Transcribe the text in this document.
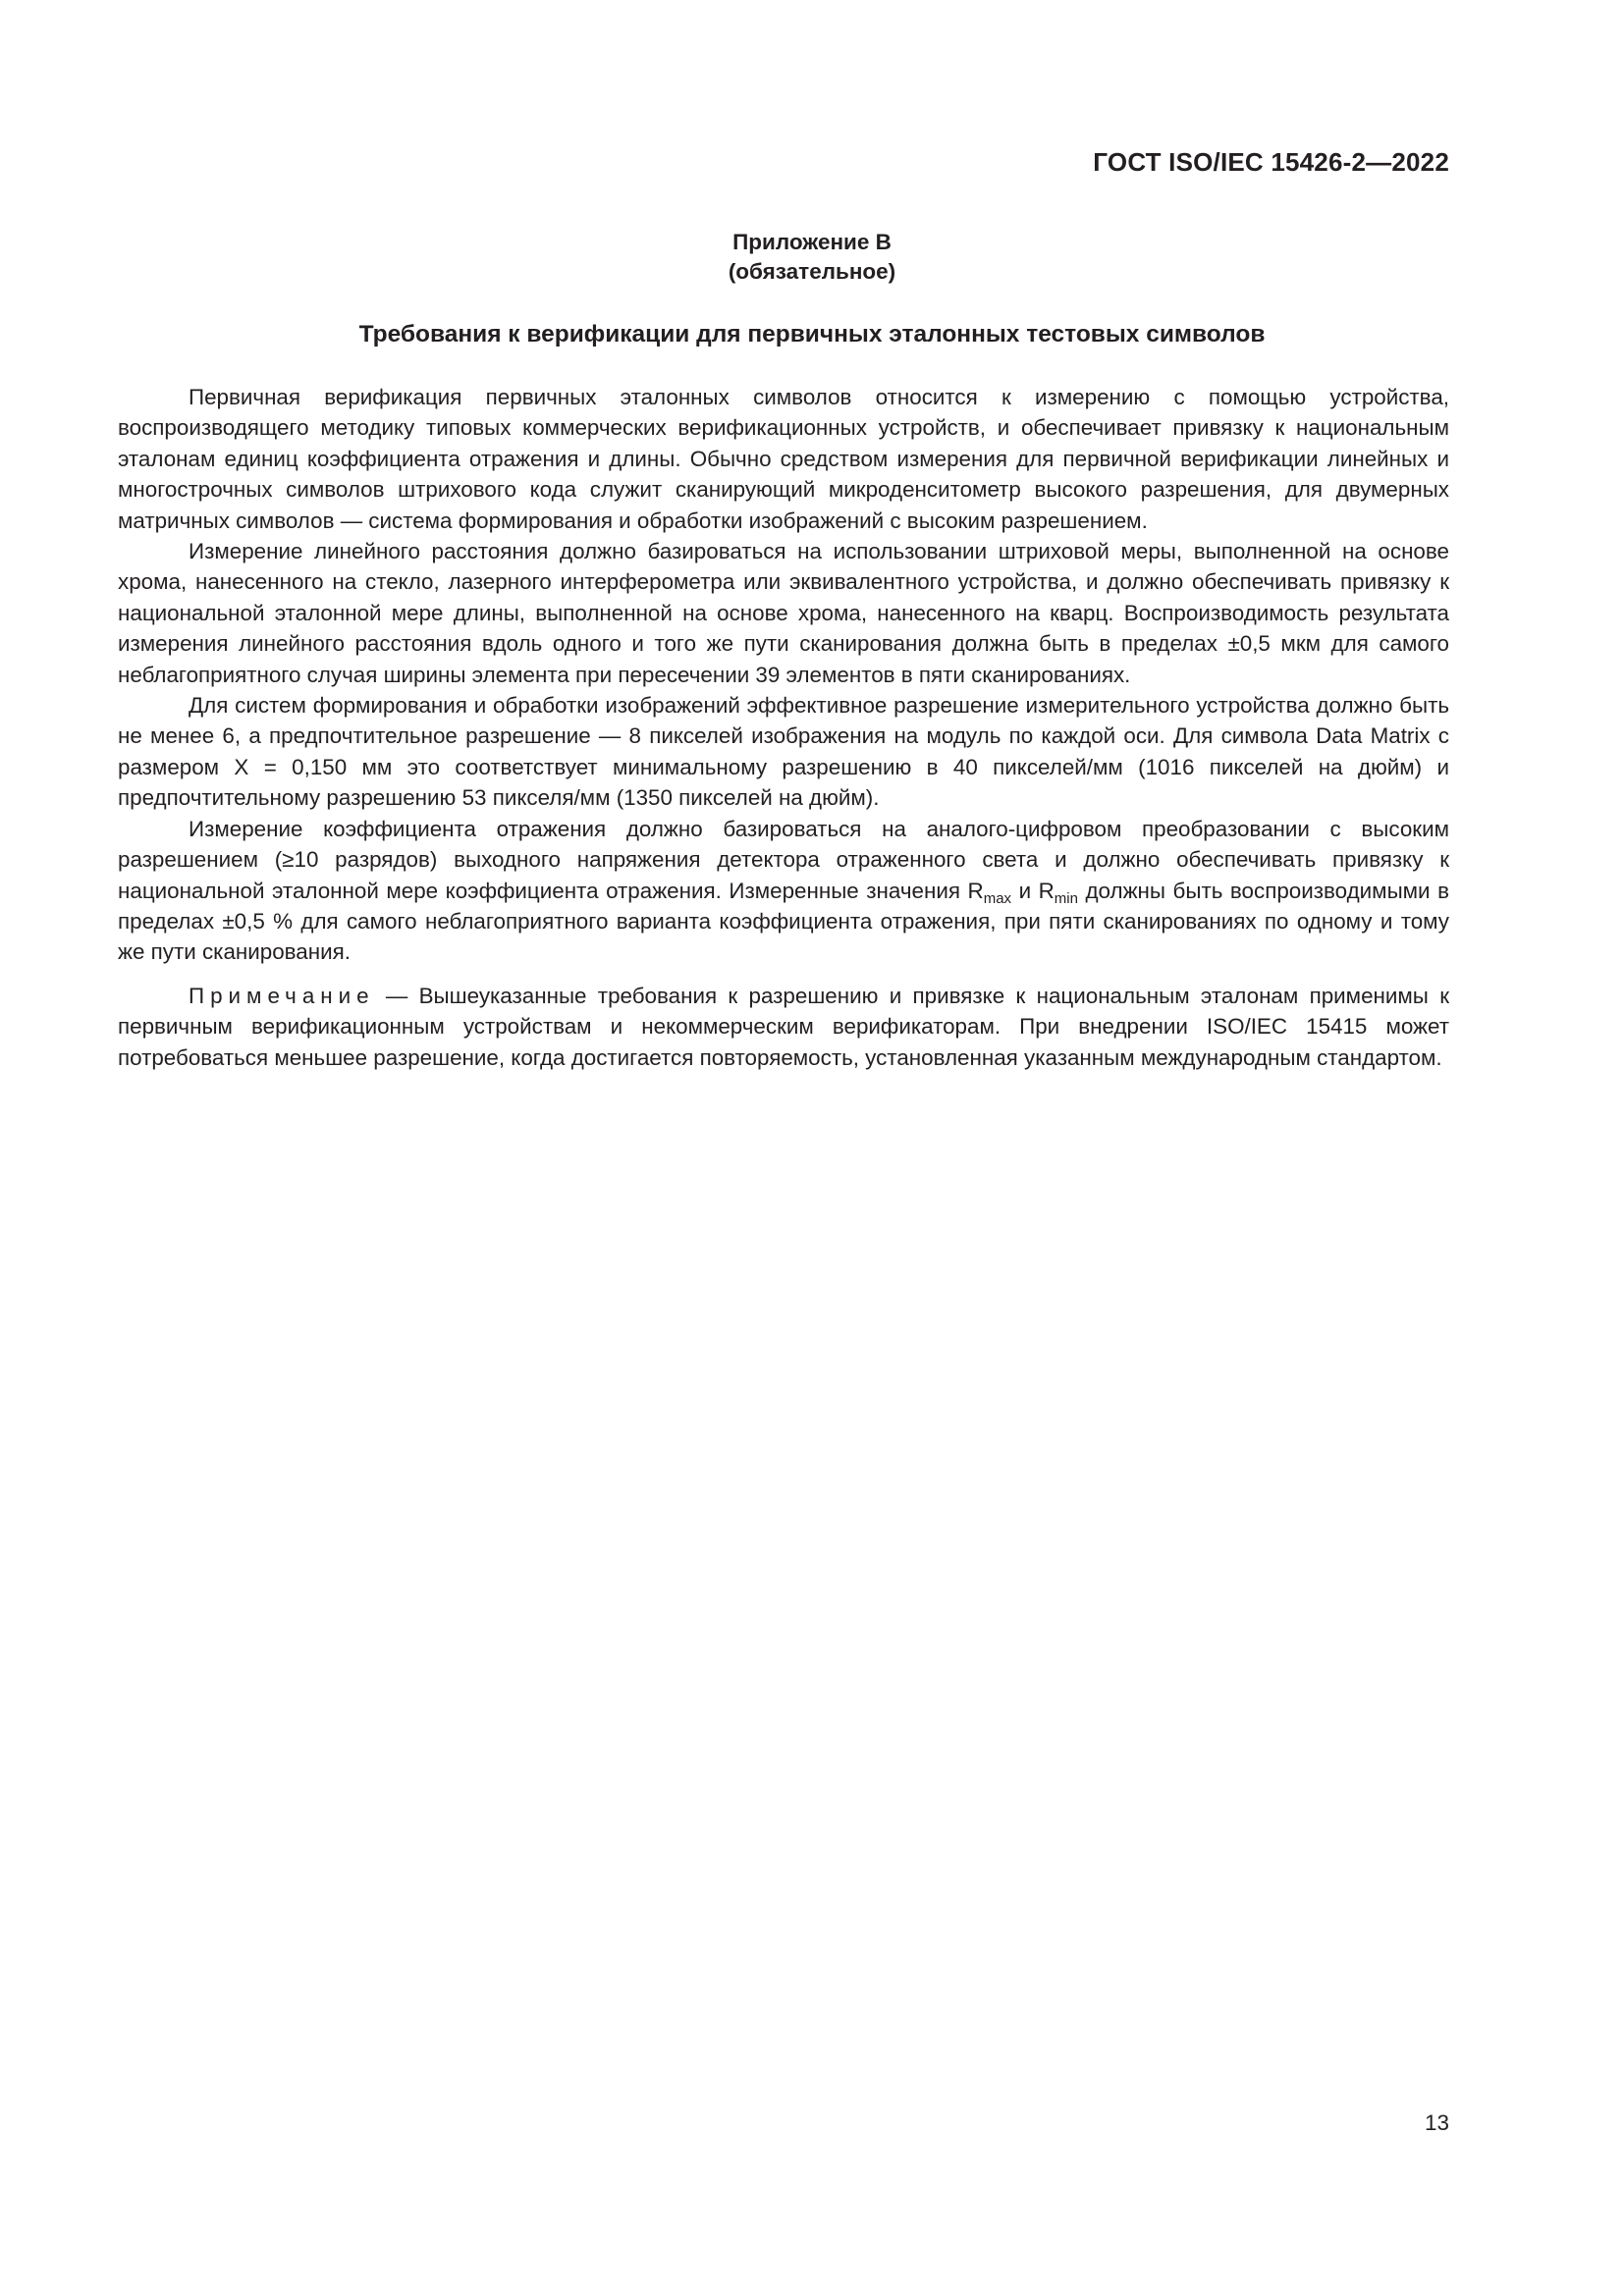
ГОСТ ISO/IEC 15426-2—2022
Приложение В
(обязательное)
Требования к верификации для первичных эталонных тестовых символов

Первичная верификация первичных эталонных символов относится к измерению с помощью устройства, воспроизводящего методику типовых коммерческих верификационных устройств, и обеспечивает привязку к национальным эталонам единиц коэффициента отражения и длины. Обычно средством измерения для первичной верификации линейных и многострочных символов штрихового кода служит сканирующий микроденситометр высокого разрешения, для двумерных матричных символов — система формирования и обработки изображений с высоким разрешением.

Измерение линейного расстояния должно базироваться на использовании штриховой меры, выполненной на основе хрома, нанесенного на стекло, лазерного интерферометра или эквивалентного устройства, и должно обеспечивать привязку к национальной эталонной мере длины, выполненной на основе хрома, нанесенного на кварц. Воспроизводимость результата измерения линейного расстояния вдоль одного и того же пути сканирования должна быть в пределах ±0,5 мкм для самого неблагоприятного случая ширины элемента при пересечении 39 элементов в пяти сканированиях.

Для систем формирования и обработки изображений эффективное разрешение измерительного устройства должно быть не менее 6, а предпочтительное разрешение — 8 пикселей изображения на модуль по каждой оси. Для символа Data Matrix с размером X = 0,150 мм это соответствует минимальному разрешению в 40 пикселей/мм (1016 пикселей на дюйм) и предпочтительному разрешению 53 пикселя/мм (1350 пикселей на дюйм).

Измерение коэффициента отражения должно базироваться на аналого-цифровом преобразовании с высоким разрешением (≥10 разрядов) выходного напряжения детектора отраженного света и должно обеспечивать привязку к национальной эталонной мере коэффициента отражения. Измеренные значения $R_{max}$ и $R_{min}$ должны быть воспроизводимыми в пределах ±0,5 % для самого неблагоприятного варианта коэффициента отражения, при пяти сканированиях по одному и тому же пути сканирования.

Примечание — Вышеуказанные требования к разрешению и привязке к национальным эталонам применимы к первичным верификационным устройствам и некоммерческим верификаторам. При внедрении ISO/IEC 15415 может потребоваться меньшее разрешение, когда достигается повторяемость, установленная указанным международным стандартом.

13
